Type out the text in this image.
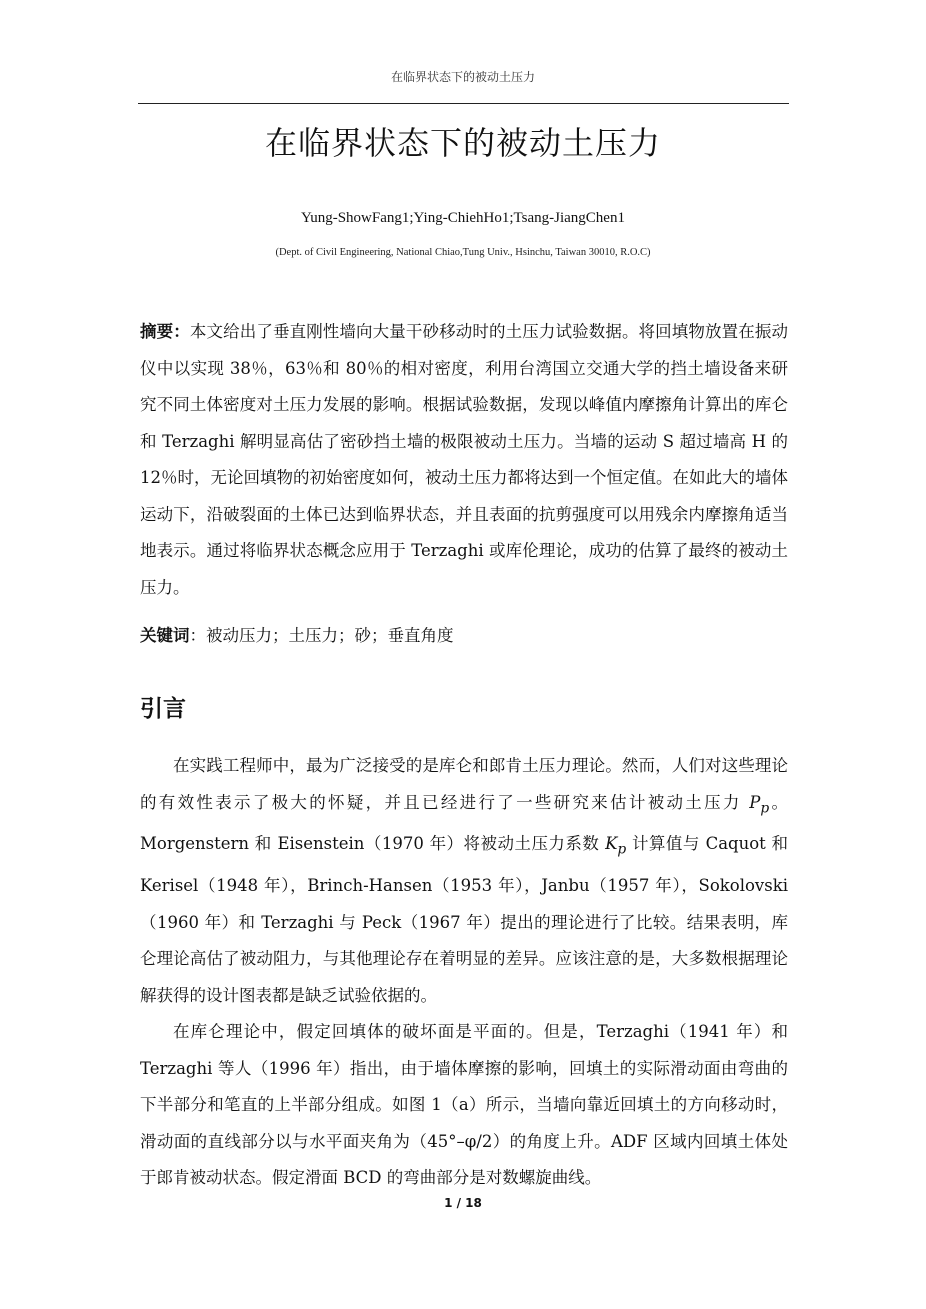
在临界状态下的被动土压力
在临界状态下的被动土压力
Yung-ShowFang1;Ying-ChiehHo1;Tsang-JiangChen1
(Dept. of Civil Engineering, National Chiao,Tung Univ., Hsinchu, Taiwan 30010, R.O.C)
摘要：本文给出了垂直刚性墙向大量干砂移动时的土压力试验数据。将回填物放置在振动仪中以实现 38％，63％和 80％的相对密度，利用台湾国立交通大学的挡土墙设备来研究不同土体密度对土压力发展的影响。根据试验数据，发现以峰值内摩擦角计算出的库仑和 Terzaghi 解明显高估了密砂挡土墙的极限被动土压力。当墙的运动 S 超过墙高 H 的 12％时，无论回填物的初始密度如何，被动土压力都将达到一个恒定值。在如此大的墙体运动下，沿破裂面的土体已达到临界状态，并且表面的抗剪强度可以用残余内摩擦角适当地表示。通过将临界状态概念应用于 Terzaghi 或库伦理论，成功的估算了最终的被动土压力。
关键词：被动压力；土压力；砂；垂直角度
引言

在实践工程师中，最为广泛接受的是库仑和郎肯土压力理论。然而，人们对这些理论的有效性表示了极大的怀疑，并且已经进行了一些研究来估计被动土压力 $P_p$。Morgenstern 和 Eisenstein（1970 年）将被动土压力系数 $K_p$ 计算值与 Caquot 和 Kerisel（1948 年），Brinch-Hansen（1953 年），Janbu（1957 年），Sokolovski（1960 年）和 Terzaghi 与 Peck（1967 年）提出的理论进行了比较。结果表明，库仑理论高估了被动阻力，与其他理论存在着明显的差异。应该注意的是，大多数根据理论解获得的设计图表都是缺乏试验依据的。

在库仑理论中，假定回填体的破坏面是平面的。但是，Terzaghi（1941 年）和 Terzaghi 等人（1996 年）指出，由于墙体摩擦的影响，回填土的实际滑动面由弯曲的下半部分和笔直的上半部分组成。如图 1（a）所示，当墙向靠近回填土的方向移动时，滑动面的直线部分以与水平面夹角为（45°–φ/2）的角度上升。ADF 区域内回填土体处于郎肯被动状态。假定滑面 BCD 的弯曲部分是对数螺旋曲线。

1 / 18
